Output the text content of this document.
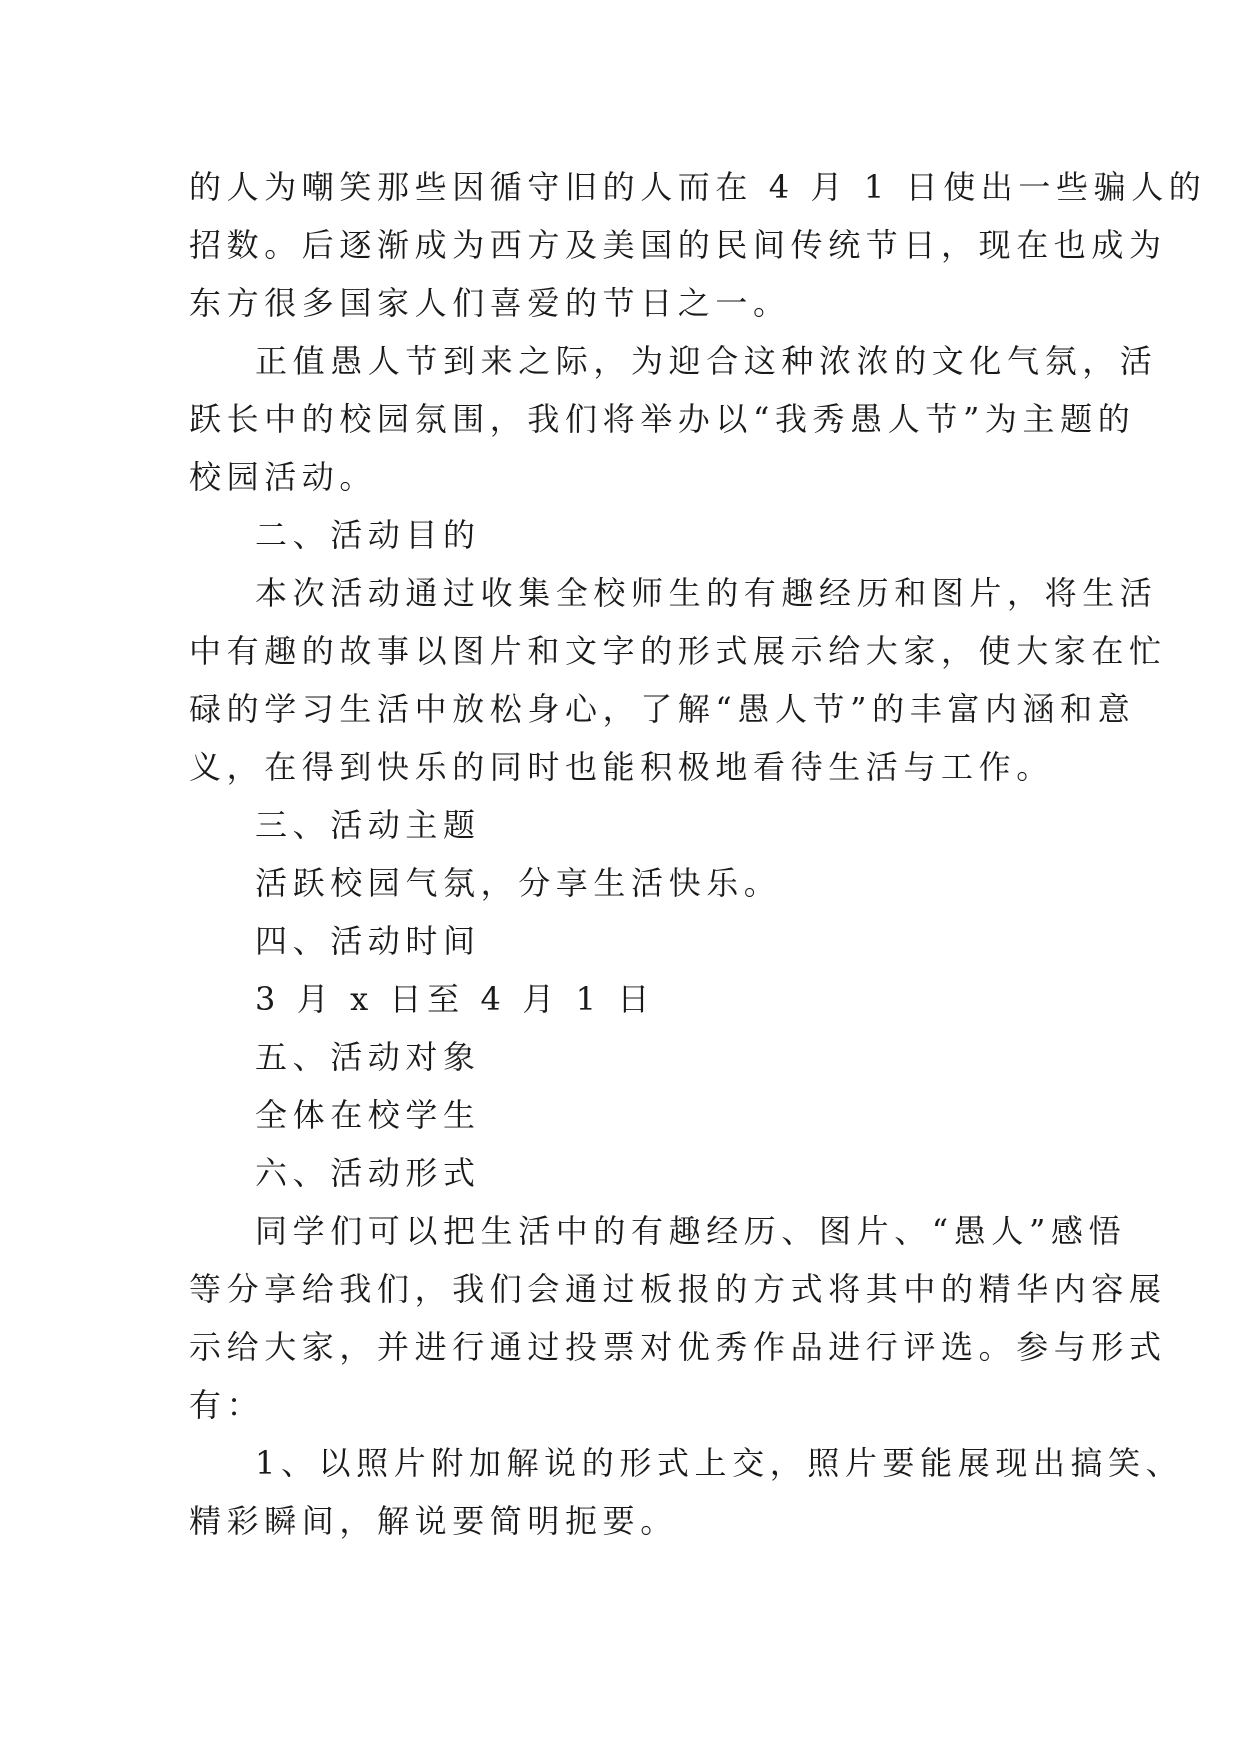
的人为嘲笑那些因循守旧的人而在 4 月 1 日使出一些骗人的

招数。后逐渐成为西方及美国的民间传统节日，现在也成为

东方很多国家人们喜爱的节日之一。

正值愚人节到来之际，为迎合这种浓浓的文化气氛，活

跃长中的校园氛围，我们将举办以“我秀愚人节”为主题的

校园活动。

二、活动目的

本次活动通过收集全校师生的有趣经历和图片，将生活

中有趣的故事以图片和文字的形式展示给大家，使大家在忙

碌的学习生活中放松身心，了解“愚人节”的丰富内涵和意

义，在得到快乐的同时也能积极地看待生活与工作。

三、活动主题

活跃校园气氛，分享生活快乐。

四、活动时间

3 月 x 日至 4 月 1 日

五、活动对象

全体在校学生

六、活动形式

同学们可以把生活中的有趣经历、图片、“愚人”感悟

等分享给我们，我们会通过板报的方式将其中的精华内容展

示给大家，并进行通过投票对优秀作品进行评选。参与形式

有：

1、以照片附加解说的形式上交，照片要能展现出搞笑、

精彩瞬间，解说要简明扼要。
